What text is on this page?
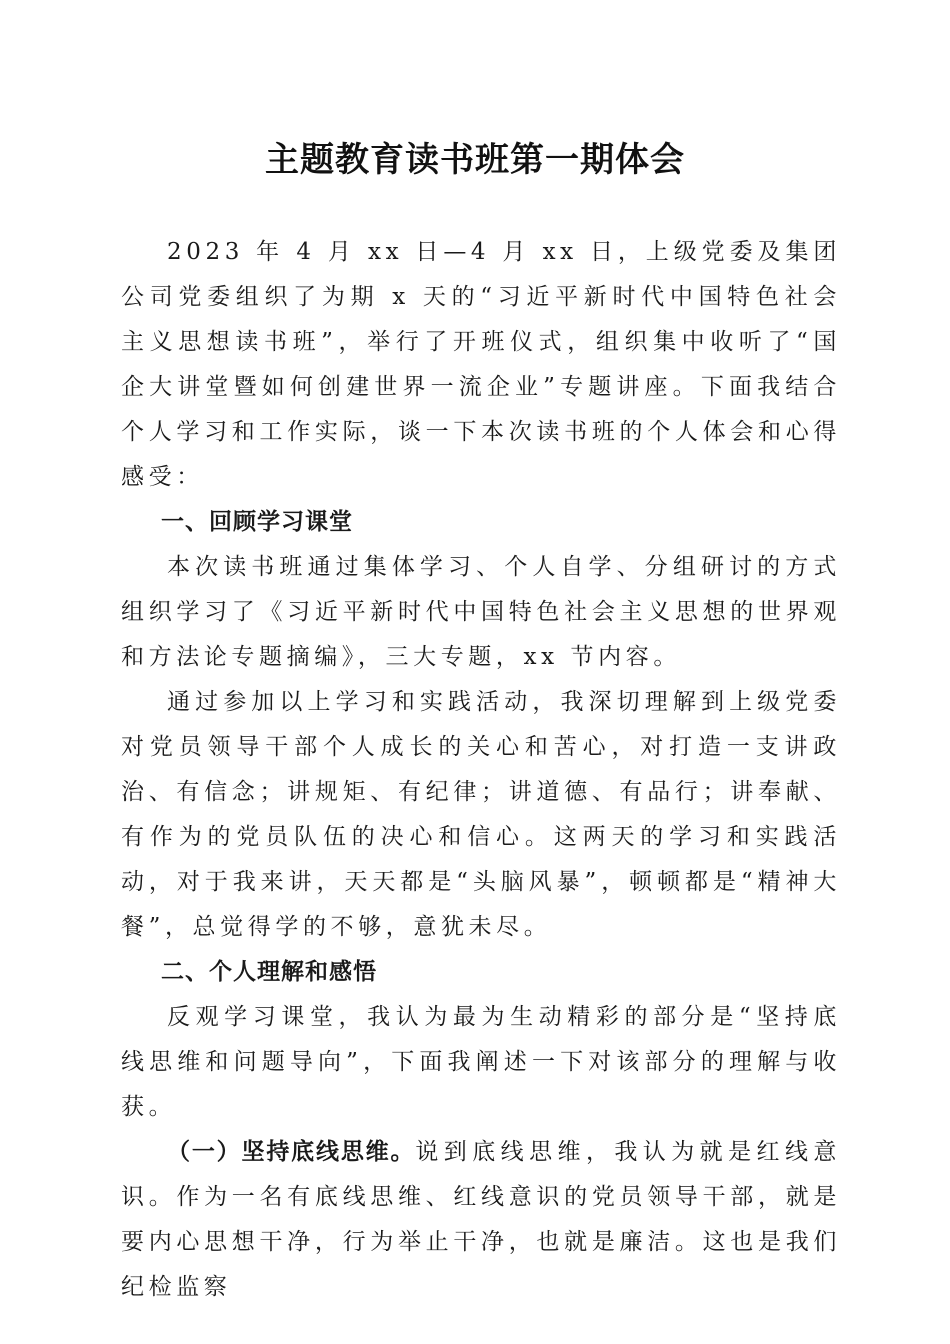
主题教育读书班第一期体会

2023 年 4 月 xx 日—4 月 xx 日，上级党委及集团公司党委组织了为期 x 天的“习近平新时代中国特色社会主义思想读书班”，举行了开班仪式，组织集中收听了“国企大讲堂暨如何创建世界一流企业”专题讲座。下面我结合个人学习和工作实际，谈一下本次读书班的个人体会和心得感受：

一、回顾学习课堂

本次读书班通过集体学习、个人自学、分组研讨的方式组织学习了《习近平新时代中国特色社会主义思想的世界观和方法论专题摘编》，三大专题，xx 节内容。

通过参加以上学习和实践活动，我深切理解到上级党委对党员领导干部个人成长的关心和苦心，对打造一支讲政治、有信念；讲规矩、有纪律；讲道德、有品行；讲奉献、有作为的党员队伍的决心和信心。这两天的学习和实践活动，对于我来讲，天天都是“头脑风暴”，顿顿都是“精神大餐”，总觉得学的不够，意犹未尽。

二、个人理解和感悟

反观学习课堂，我认为最为生动精彩的部分是“坚持底线思维和问题导向”，下面我阐述一下对该部分的理解与收获。

（一）坚持底线思维。说到底线思维，我认为就是红线意识。作为一名有底线思维、红线意识的党员领导干部，就是要内心思想干净，行为举止干净，也就是廉洁。这也是我们纪检监察
